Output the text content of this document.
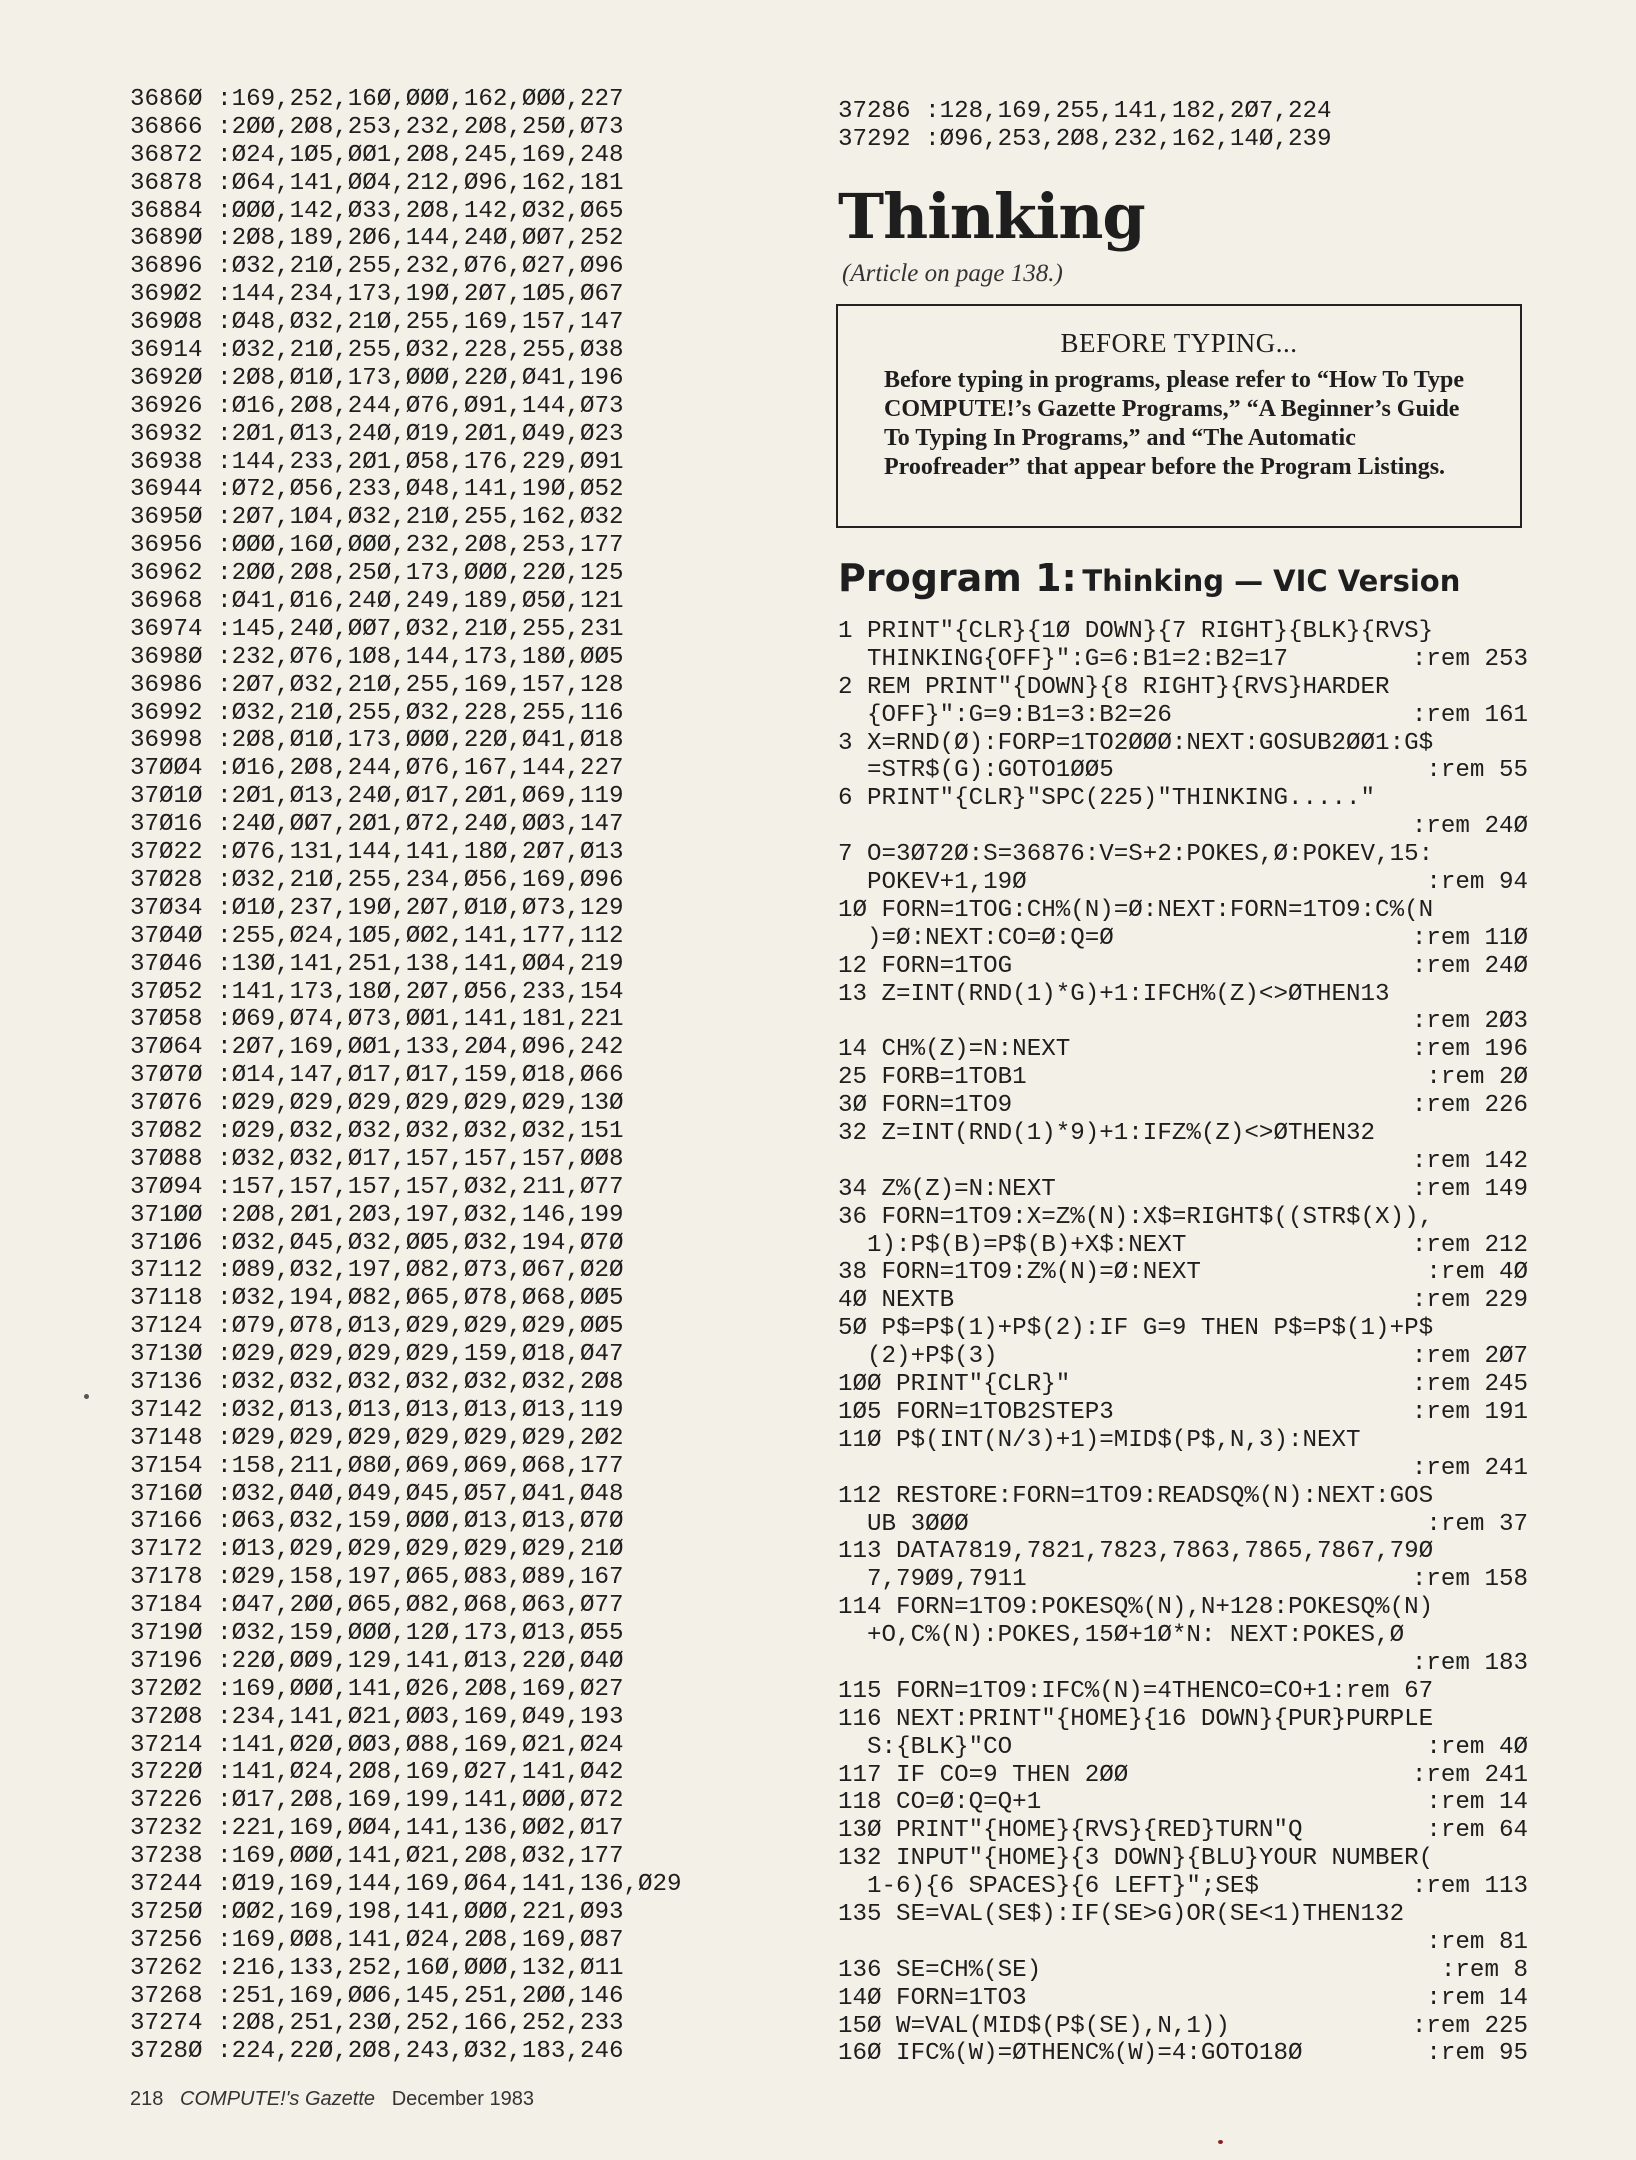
3686Ø :169,252,16Ø,ØØØ,162,ØØØ,227
36866 :2ØØ,2Ø8,253,232,2Ø8,25Ø,Ø73
36872 :Ø24,1Ø5,ØØ1,2Ø8,245,169,248
36878 :Ø64,141,ØØ4,212,Ø96,162,181
36884 :ØØØ,142,Ø33,2Ø8,142,Ø32,Ø65
3689Ø :2Ø8,189,2Ø6,144,24Ø,ØØ7,252
36896 :Ø32,21Ø,255,232,Ø76,Ø27,Ø96
369Ø2 :144,234,173,19Ø,2Ø7,1Ø5,Ø67
369Ø8 :Ø48,Ø32,21Ø,255,169,157,147
36914 :Ø32,21Ø,255,Ø32,228,255,Ø38
3692Ø :2Ø8,Ø1Ø,173,ØØØ,22Ø,Ø41,196
36926 :Ø16,2Ø8,244,Ø76,Ø91,144,Ø73
36932 :2Ø1,Ø13,24Ø,Ø19,2Ø1,Ø49,Ø23
36938 :144,233,2Ø1,Ø58,176,229,Ø91
36944 :Ø72,Ø56,233,Ø48,141,19Ø,Ø52
3695Ø :2Ø7,1Ø4,Ø32,21Ø,255,162,Ø32
36956 :ØØØ,16Ø,ØØØ,232,2Ø8,253,177
36962 :2ØØ,2Ø8,25Ø,173,ØØØ,22Ø,125
36968 :Ø41,Ø16,24Ø,249,189,Ø5Ø,121
36974 :145,24Ø,ØØ7,Ø32,21Ø,255,231
3698Ø :232,Ø76,1Ø8,144,173,18Ø,ØØ5
36986 :2Ø7,Ø32,21Ø,255,169,157,128
36992 :Ø32,21Ø,255,Ø32,228,255,116
36998 :2Ø8,Ø1Ø,173,ØØØ,22Ø,Ø41,Ø18
37ØØ4 :Ø16,2Ø8,244,Ø76,167,144,227
37Ø1Ø :2Ø1,Ø13,24Ø,Ø17,2Ø1,Ø69,119
37Ø16 :24Ø,ØØ7,2Ø1,Ø72,24Ø,ØØ3,147
37Ø22 :Ø76,131,144,141,18Ø,2Ø7,Ø13
37Ø28 :Ø32,21Ø,255,234,Ø56,169,Ø96
37Ø34 :Ø1Ø,237,19Ø,2Ø7,Ø1Ø,Ø73,129
37Ø4Ø :255,Ø24,1Ø5,ØØ2,141,177,112
37Ø46 :13Ø,141,251,138,141,ØØ4,219
37Ø52 :141,173,18Ø,2Ø7,Ø56,233,154
37Ø58 :Ø69,Ø74,Ø73,ØØ1,141,181,221
37Ø64 :2Ø7,169,ØØ1,133,2Ø4,Ø96,242
37Ø7Ø :Ø14,147,Ø17,Ø17,159,Ø18,Ø66
37Ø76 :Ø29,Ø29,Ø29,Ø29,Ø29,Ø29,13Ø
37Ø82 :Ø29,Ø32,Ø32,Ø32,Ø32,Ø32,151
37Ø88 :Ø32,Ø32,Ø17,157,157,157,ØØ8
37Ø94 :157,157,157,157,Ø32,211,Ø77
371ØØ :2Ø8,2Ø1,2Ø3,197,Ø32,146,199
371Ø6 :Ø32,Ø45,Ø32,ØØ5,Ø32,194,Ø7Ø
37112 :Ø89,Ø32,197,Ø82,Ø73,Ø67,Ø2Ø
37118 :Ø32,194,Ø82,Ø65,Ø78,Ø68,ØØ5
37124 :Ø79,Ø78,Ø13,Ø29,Ø29,Ø29,ØØ5
3713Ø :Ø29,Ø29,Ø29,Ø29,159,Ø18,Ø47
37136 :Ø32,Ø32,Ø32,Ø32,Ø32,Ø32,2Ø8
37142 :Ø32,Ø13,Ø13,Ø13,Ø13,Ø13,119
37148 :Ø29,Ø29,Ø29,Ø29,Ø29,Ø29,2Ø2
37154 :158,211,Ø8Ø,Ø69,Ø69,Ø68,177
3716Ø :Ø32,Ø4Ø,Ø49,Ø45,Ø57,Ø41,Ø48
37166 :Ø63,Ø32,159,ØØØ,Ø13,Ø13,Ø7Ø
37172 :Ø13,Ø29,Ø29,Ø29,Ø29,Ø29,21Ø
37178 :Ø29,158,197,Ø65,Ø83,Ø89,167
37184 :Ø47,2ØØ,Ø65,Ø82,Ø68,Ø63,Ø77
3719Ø :Ø32,159,ØØØ,12Ø,173,Ø13,Ø55
37196 :22Ø,ØØ9,129,141,Ø13,22Ø,Ø4Ø
372Ø2 :169,ØØØ,141,Ø26,2Ø8,169,Ø27
372Ø8 :234,141,Ø21,ØØ3,169,Ø49,193
37214 :141,Ø2Ø,ØØ3,Ø88,169,Ø21,Ø24
3722Ø :141,Ø24,2Ø8,169,Ø27,141,Ø42
37226 :Ø17,2Ø8,169,199,141,ØØØ,Ø72
37232 :221,169,ØØ4,141,136,ØØ2,Ø17
37238 :169,ØØØ,141,Ø21,2Ø8,Ø32,177
37244 :Ø19,169,144,169,Ø64,141,136,Ø29
3725Ø :ØØ2,169,198,141,ØØØ,221,Ø93
37256 :169,ØØ8,141,Ø24,2Ø8,169,Ø87
37262 :216,133,252,16Ø,ØØØ,132,Ø11
37268 :251,169,ØØ6,145,251,2ØØ,146
37274 :2Ø8,251,23Ø,252,166,252,233
3728Ø :224,22Ø,2Ø8,243,Ø32,183,246
37286 :128,169,255,141,182,2Ø7,224
37292 :Ø96,253,2Ø8,232,162,14Ø,239
Thinking
(Article on page 138.)
BEFORE TYPING...
Before typing in programs, please refer to “How To Type COMPUTE!’s Gazette Programs,” “A Beginner’s Guide To Typing In Programs,” and “The Automatic Proofreader” that appear before the Program Listings.
Program 1: Thinking — VIC Version
1 PRINT"{CLR}{1Ø DOWN}{7 RIGHT}{BLK}{RVS}
THINKING{OFF}":G=6:B1=2:B2=17	:rem 253
2 REM PRINT"{DOWN}{8 RIGHT}{RVS}HARDER
{OFF}":G=9:B1=3:B2=26	:rem 161
3 X=RND(Ø):FORP=1TO2ØØØ:NEXT:GOSUB2ØØ1:G$
=STR$(G):GOTO1ØØ5	:rem 55
6 PRINT"{CLR}"SPC(225)"THINKING....."
:rem 24Ø
7 O=3Ø72Ø:S=36876:V=S+2:POKES,Ø:POKEV,15:
POKEV+1,19Ø	:rem 94
1Ø FORN=1TOG:CH%(N)=Ø:NEXT:FORN=1TO9:C%(N
)=Ø:NEXT:CO=Ø:Q=Ø	:rem 11Ø
12 FORN=1TOG	:rem 24Ø
13 Z=INT(RND(1)*G)+1:IFCH%(Z)<>ØTHEN13
:rem 2Ø3
14 CH%(Z)=N:NEXT	:rem 196
25 FORB=1TOB1	:rem 2Ø
3Ø FORN=1TO9	:rem 226
32 Z=INT(RND(1)*9)+1:IFZ%(Z)<>ØTHEN32
:rem 142
34 Z%(Z)=N:NEXT	:rem 149
36 FORN=1TO9:X=Z%(N):X$=RIGHT$((STR$(X)),
1):P$(B)=P$(B)+X$:NEXT	:rem 212
38 FORN=1TO9:Z%(N)=Ø:NEXT	:rem 4Ø
4Ø NEXTB	:rem 229
5Ø P$=P$(1)+P$(2):IF G=9 THEN P$=P$(1)+P$
(2)+P$(3)	:rem 2Ø7
1ØØ PRINT"{CLR}"	:rem 245
1Ø5 FORN=1TOB2STEP3	:rem 191
11Ø P$(INT(N/3)+1)=MID$(P$,N,3):NEXT
:rem 241
112 RESTORE:FORN=1TO9:READSQ%(N):NEXT:GOS
UB 3ØØØ	:rem 37
113 DATA7819,7821,7823,7863,7865,7867,79Ø
7,79Ø9,7911	:rem 158
114 FORN=1TO9:POKESQ%(N),N+128:POKESQ%(N)
+O,C%(N):POKES,15Ø+1Ø*N: NEXT:POKES,Ø
:rem 183
115 FORN=1TO9:IFC%(N)=4THENCO=CO+1:rem 67
116 NEXT:PRINT"{HOME}{16 DOWN}{PUR}PURPLE
S:{BLK}"CO	:rem 4Ø
117 IF CO=9 THEN 2ØØ	:rem 241
118 CO=Ø:Q=Q+1	:rem 14
13Ø PRINT"{HOME}{RVS}{RED}TURN"Q	:rem 64
132 INPUT"{HOME}{3 DOWN}{BLU}YOUR NUMBER(
1-6){6 SPACES}{6 LEFT}";SE$	:rem 113
135 SE=VAL(SE$):IF(SE>G)OR(SE<1)THEN132
:rem 81
136 SE=CH%(SE)	:rem 8
14Ø FORN=1TO3	:rem 14
15Ø W=VAL(MID$(P$(SE),N,1))	:rem 225
16Ø IFC%(W)=ØTHENC%(W)=4:GOTO18Ø	:rem 95
218 COMPUTE!'s Gazette December 1983
